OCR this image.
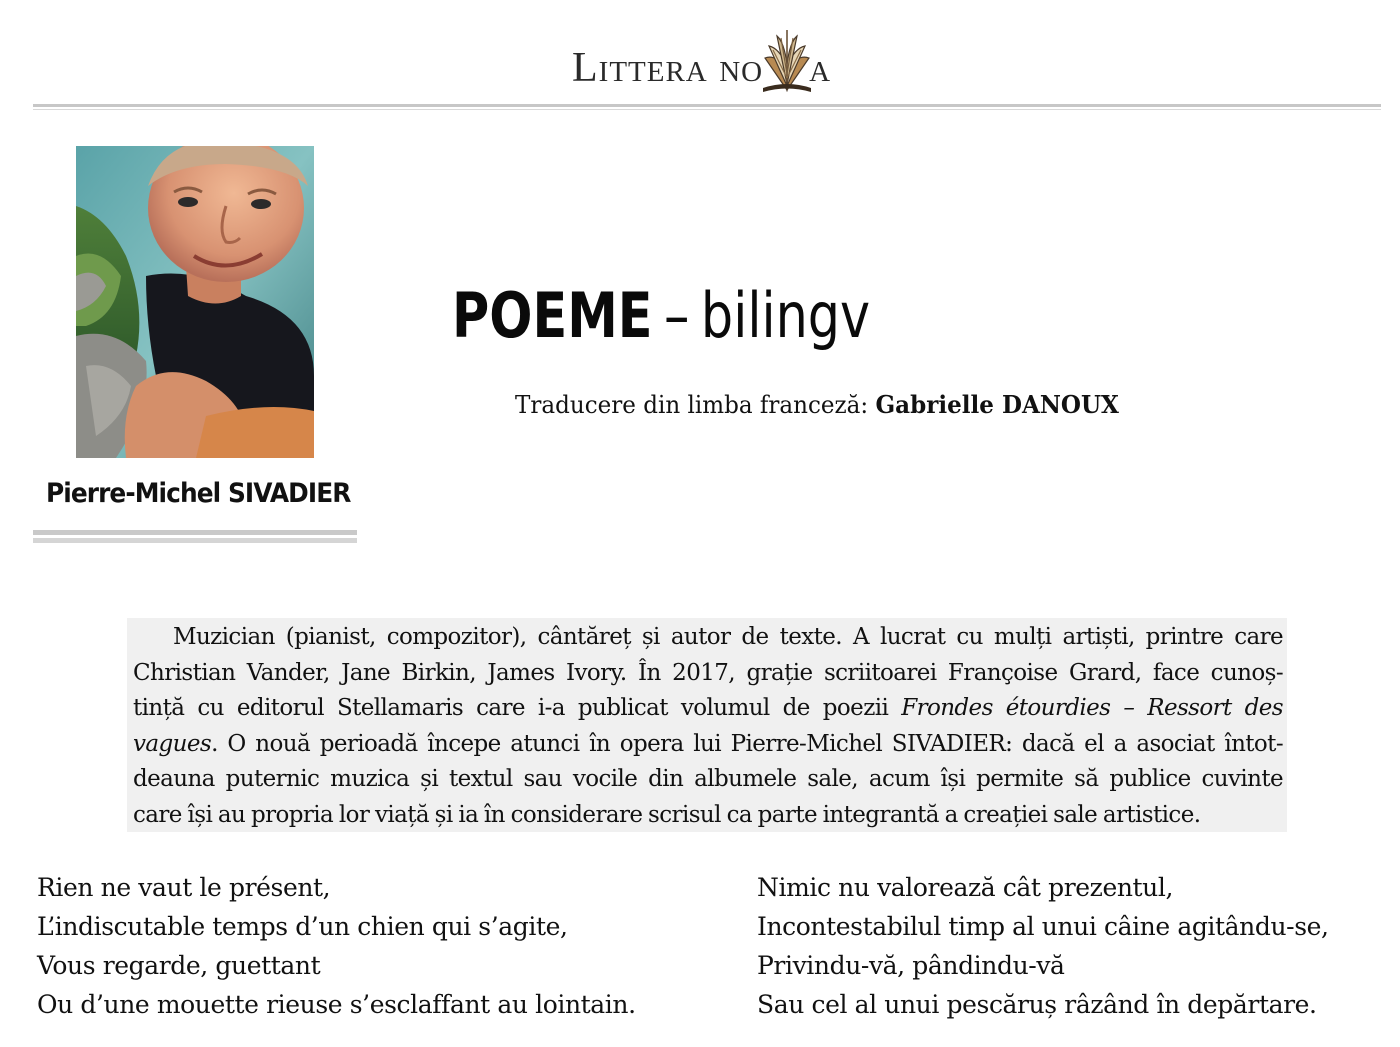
Littera no a
Pierre-Michel SIVADIER
POEME – bilingv
Traducere din limba franceză: Gabrielle DANOUX
Muzician (pianist, compozitor), cântăreț și autor de texte. A lucrat cu mulți artiști, printre care
Christian Vander, Jane Birkin, James Ivory. În 2017, grație scriitoarei Françoise Grard, face cunoș-
tință cu editorul Stellamaris care i-a publicat volumul de poezii Frondes étourdies – Ressort des
vagues. O nouă perioadă începe atunci în opera lui Pierre-Michel SIVADIER: dacă el a asociat întot-
deauna puternic muzica și textul sau vocile din albumele sale, acum își permite să publice cuvinte
care își au propria lor viață și ia în considerare scrisul ca parte integrantă a creației sale artistice.
Rien ne vaut le présent,
L’indiscutable temps d’un chien qui s’agite,
Vous regarde, guettant
Ou d’une mouette rieuse s’esclaffant au lointain.
Nimic nu valorează cât prezentul,
Incontestabilul timp al unui câine agitându-se,
Privindu-vă, pândindu-vă
Sau cel al unui pescăruș râzând în depărtare.
